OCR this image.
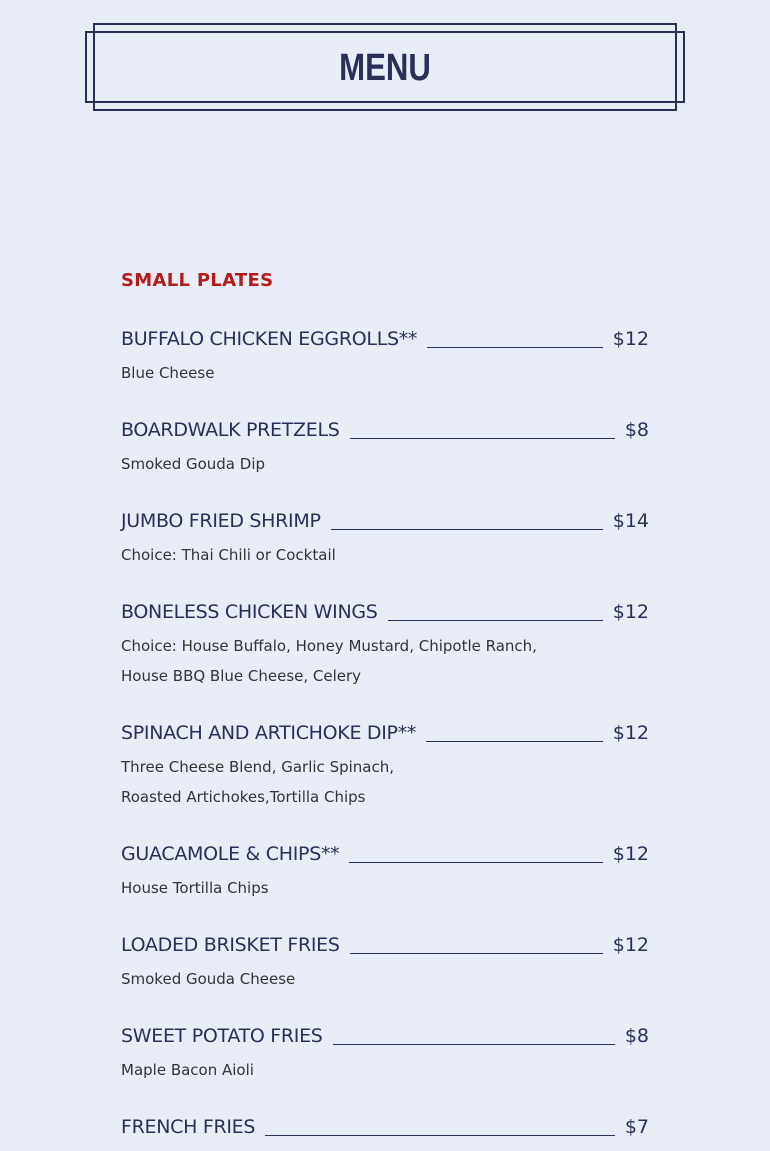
MENU
SMALL PLATES
BUFFALO CHICKEN EGGROLLS**	$12
Blue Cheese
BOARDWALK PRETZELS	$8
Smoked Gouda Dip
JUMBO FRIED SHRIMP	$14
Choice: Thai Chili or Cocktail
BONELESS CHICKEN WINGS	$12
Choice: House Buffalo, Honey Mustard, Chipotle Ranch, House BBQ Blue Cheese, Celery
SPINACH AND ARTICHOKE DIP**	$12
Three Cheese Blend, Garlic Spinach, Roasted Artichokes,Tortilla Chips
GUACAMOLE & CHIPS**	$12
House Tortilla Chips
LOADED BRISKET FRIES	$12
Smoked Gouda Cheese
SWEET POTATO FRIES	$8
Maple Bacon Aioli
FRENCH FRIES	$7
